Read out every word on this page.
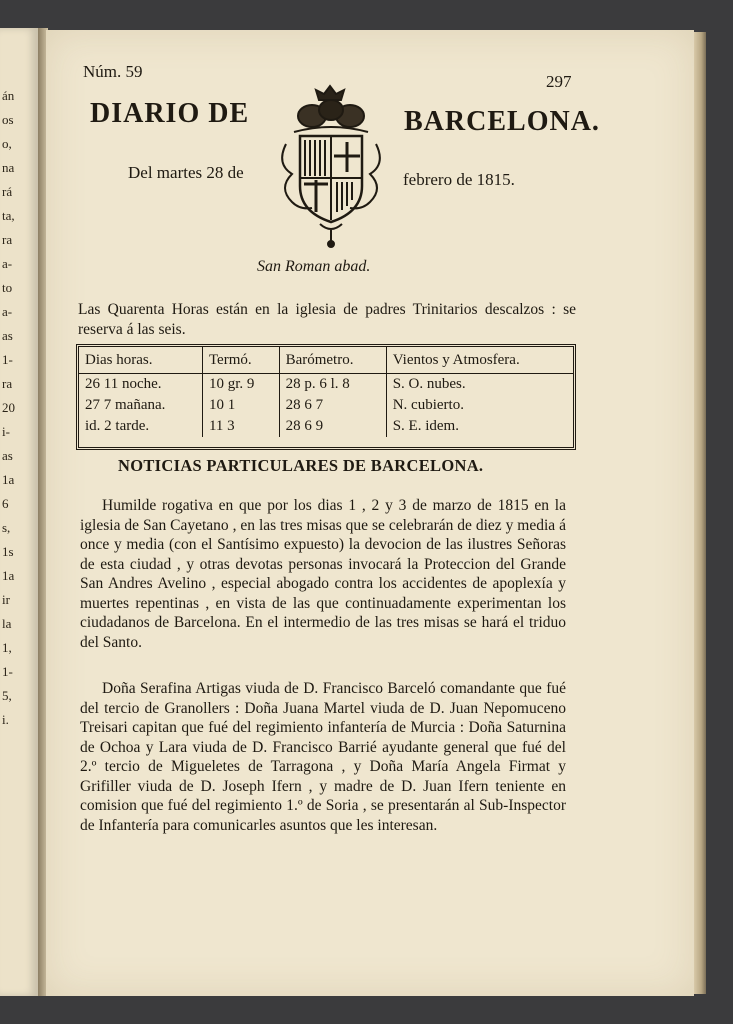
án
os
o,
na
rá
ta,
ra
a-
to
a-
as
1-
ra
20
i-
as
1a
6
s,
1s
1a
ir
la
1,
1-
5,
i.
Núm. 59
297
DIARIO DE	BARCELONA.
Del martes 28 de	febrero de 1815.
San Roman abad.
Las Quarenta Horas están en la iglesia de padres Trinitarios descalzos : se reserva á las seis.
Dias horas.	Termó.	Barómetro.	Vientos y Atmosfera.
26 11 noche.	10 gr. 9	28 p. 6 l. 8	S. O. nubes.
27 7 mañana.	10 1	28 6 7	N. cubierto.
id. 2 tarde.	11 3	28 6 9	S. E. idem.
NOTICIAS PARTICULARES DE BARCELONA.
Humilde rogativa en que por los dias 1 , 2 y 3 de marzo de 1815 en la iglesia de San Cayetano , en las tres misas que se celebrarán de diez y media á once y media (con el Santísimo expuesto) la devocion de las ilustres Señoras de esta ciudad , y otras devotas personas invocará la Proteccion del Grande San Andres Avelino , especial abogado contra los accidentes de apoplexía y muertes repentinas , en vista de las que continuadamente experimentan los ciudadanos de Barcelona. En el intermedio de las tres misas se hará el triduo del Santo.
Doña Serafina Artigas viuda de D. Francisco Barceló comandante que fué del tercio de Granollers : Doña Juana Martel viuda de D. Juan Nepomuceno Treisari capitan que fué del regimiento infantería de Murcia : Doña Saturnina de Ochoa y Lara viuda de D. Francisco Barrié ayudante general que fué del 2.º tercio de Migueletes de Tarragona , y Doña María Angela Firmat y Grifiller viuda de D. Joseph Ifern , y madre de D. Juan Ifern teniente en comision que fué del regimiento 1.º de Soria , se presentarán al Sub-Inspector de Infantería para comunicarles asuntos que les interesan.
